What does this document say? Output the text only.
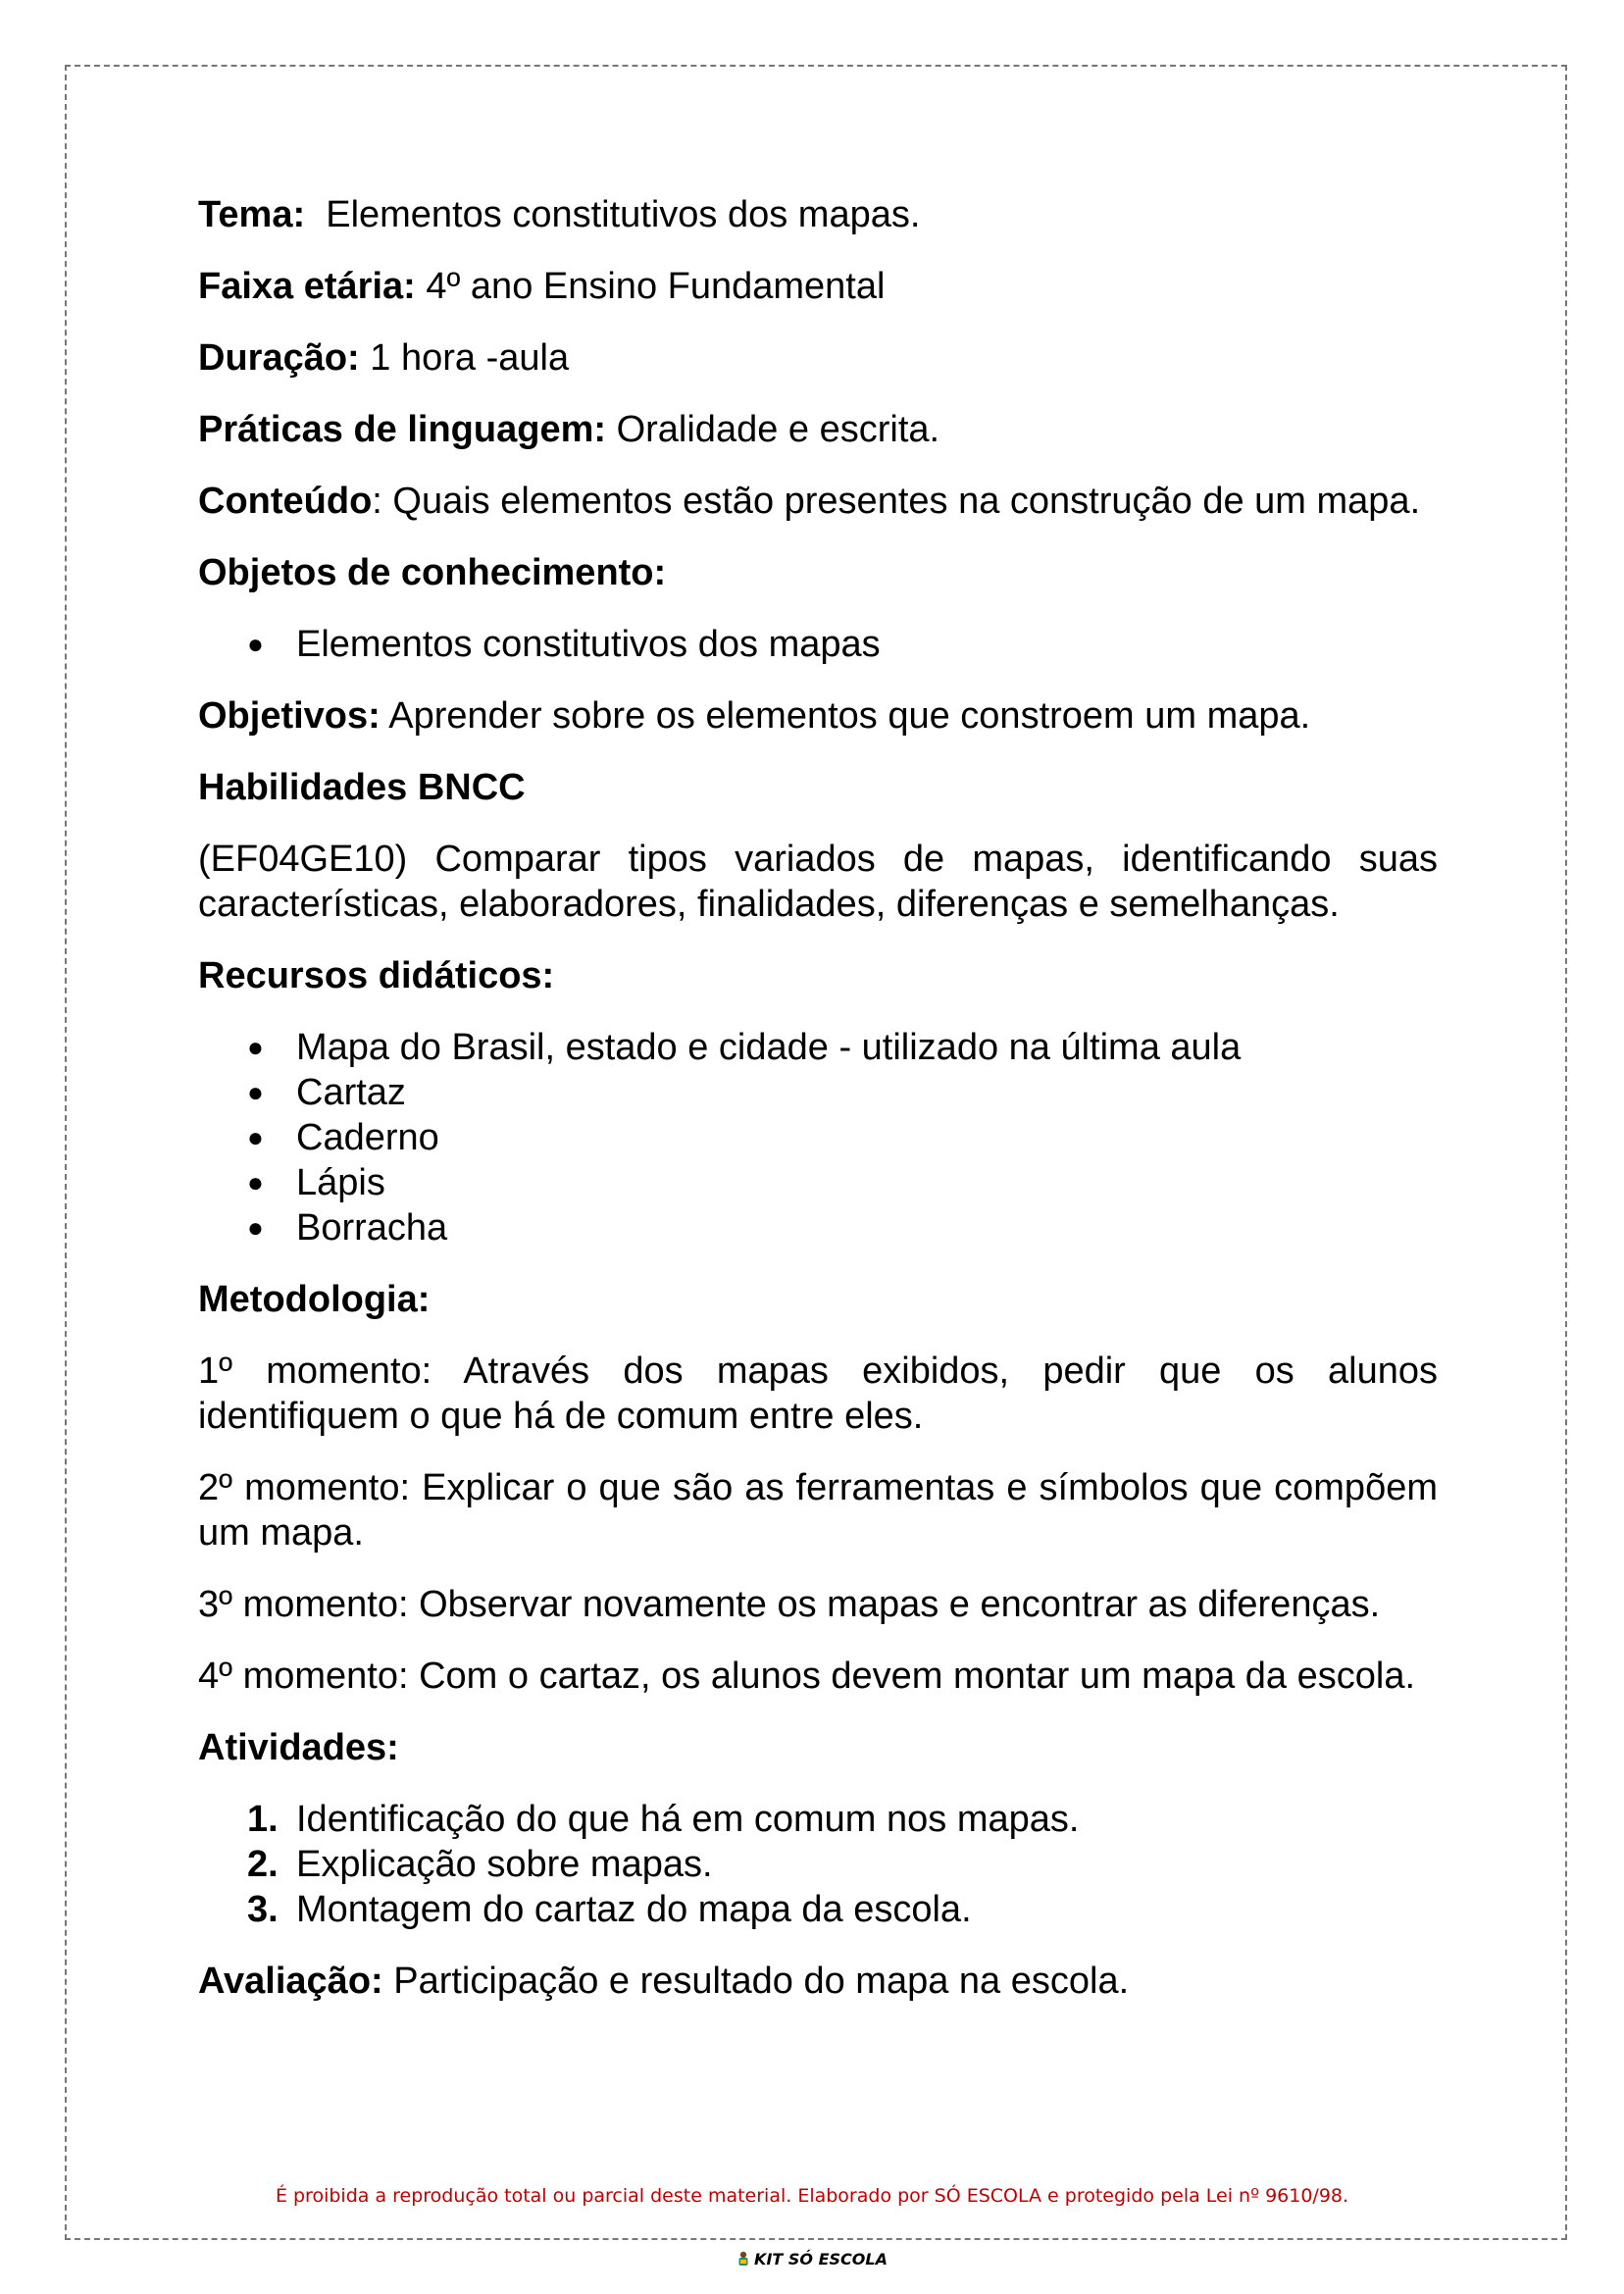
Tema:  Elementos constitutivos dos mapas.

Faixa etária: 4º ano Ensino Fundamental

Duração: 1 hora -aula

Práticas de linguagem: Oralidade e escrita.

Conteúdo: Quais elementos estão presentes na construção de um mapa.

Objetos de conhecimento:

● Elementos constitutivos dos mapas

Objetivos: Aprender sobre os elementos que constroem um mapa.

Habilidades BNCC

(EF04GE10) Comparar tipos variados de mapas, identificando suas características, elaboradores, finalidades, diferenças e semelhanças.

Recursos didáticos:

● Mapa do Brasil, estado e cidade - utilizado na última aula
● Cartaz
● Caderno
● Lápis
● Borracha

Metodologia:

1º momento: Através dos mapas exibidos, pedir que os alunos identifiquem o que há de comum entre eles.

2º momento: Explicar o que são as ferramentas e símbolos que compõem um mapa.

3º momento: Observar novamente os mapas e encontrar as diferenças.

4º momento: Com o cartaz, os alunos devem montar um mapa da escola.

Atividades:

1. Identificação do que há em comum nos mapas.
2. Explicação sobre mapas.
3. Montagem do cartaz do mapa da escola.

Avaliação: Participação e resultado do mapa na escola.

É proibida a reprodução total ou parcial deste material. Elaborado por SÓ ESCOLA e protegido pela Lei nº 9610/98.
KIT SÓ ESCOLA
